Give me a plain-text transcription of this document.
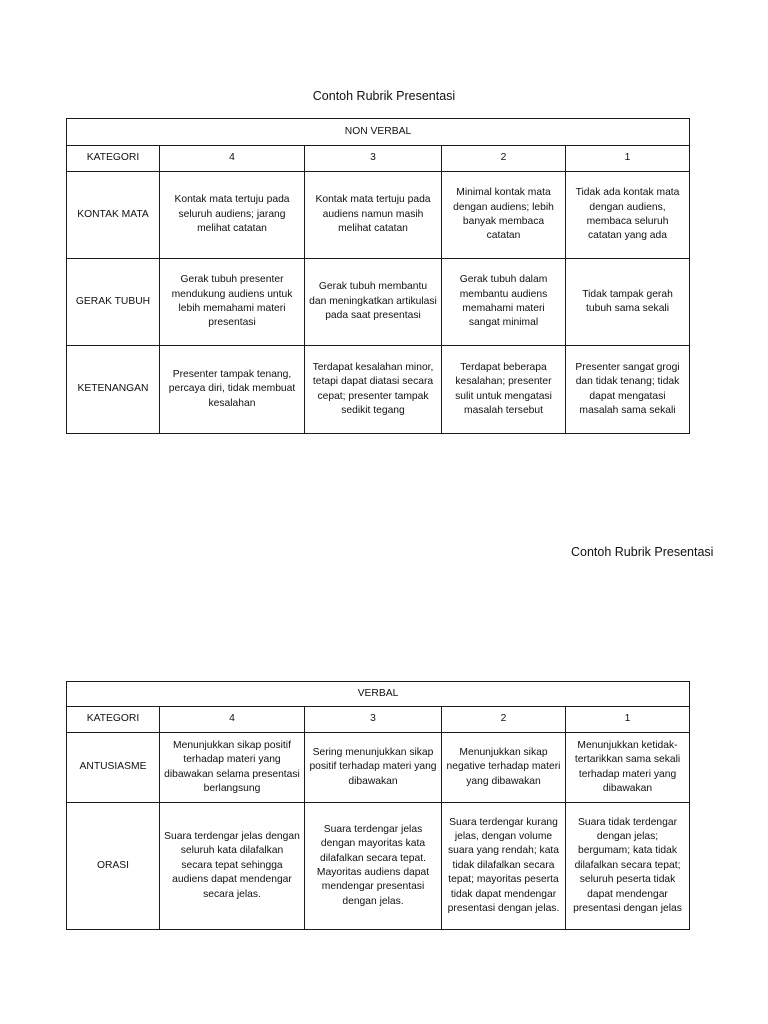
Contoh Rubrik Presentasi
NON VERBAL				
KATEGORI	4	3	2	1
KONTAK MATA	Kontak mata tertuju pada seluruh audiens; jarang melihat catatan	Kontak mata tertuju pada audiens namun masih melihat catatan	Minimal kontak mata dengan audiens; lebih banyak membaca catatan	Tidak ada kontak mata dengan audiens, membaca seluruh catatan yang ada
GERAK TUBUH	Gerak tubuh presenter mendukung audiens untuk lebih memahami materi presentasi	Gerak tubuh membantu dan meningkatkan artikulasi pada saat presentasi	Gerak tubuh dalam membantu audiens memahami materi sangat minimal	Tidak tampak gerah tubuh sama sekali
KETENANGAN	Presenter tampak tenang, percaya diri, tidak membuat kesalahan	Terdapat kesalahan minor, tetapi dapat diatasi secara cepat; presenter tampak sedikit tegang	Terdapat beberapa kesalahan; presenter sulit untuk mengatasi masalah tersebut	Presenter sangat grogi dan tidak tenang; tidak dapat mengatasi masalah sama sekali
Contoh Rubrik Presentasi
VERBAL				
KATEGORI	4	3	2	1
ANTUSIASME	Menunjukkan sikap positif terhadap materi yang dibawakan selama presentasi berlangsung	Sering menunjukkan sikap positif terhadap materi yang dibawakan	Menunjukkan sikap negative terhadap materi yang dibawakan	Menunjukkan ketidak-tertarikkan sama sekali terhadap materi yang dibawakan
ORASI	Suara terdengar jelas dengan seluruh kata dilafalkan secara tepat sehingga audiens dapat mendengar secara jelas.	Suara terdengar jelas dengan mayoritas kata dilafalkan secara tepat. Mayoritas audiens dapat mendengar presentasi dengan jelas.	Suara terdengar kurang jelas, dengan volume suara yang rendah; kata tidak dilafalkan secara tepat; mayoritas peserta tidak dapat mendengar presentasi dengan jelas.	Suara tidak terdengar dengan jelas; bergumam; kata tidak dilafalkan secara tepat; seluruh peserta tidak dapat mendengar presentasi dengan jelas
